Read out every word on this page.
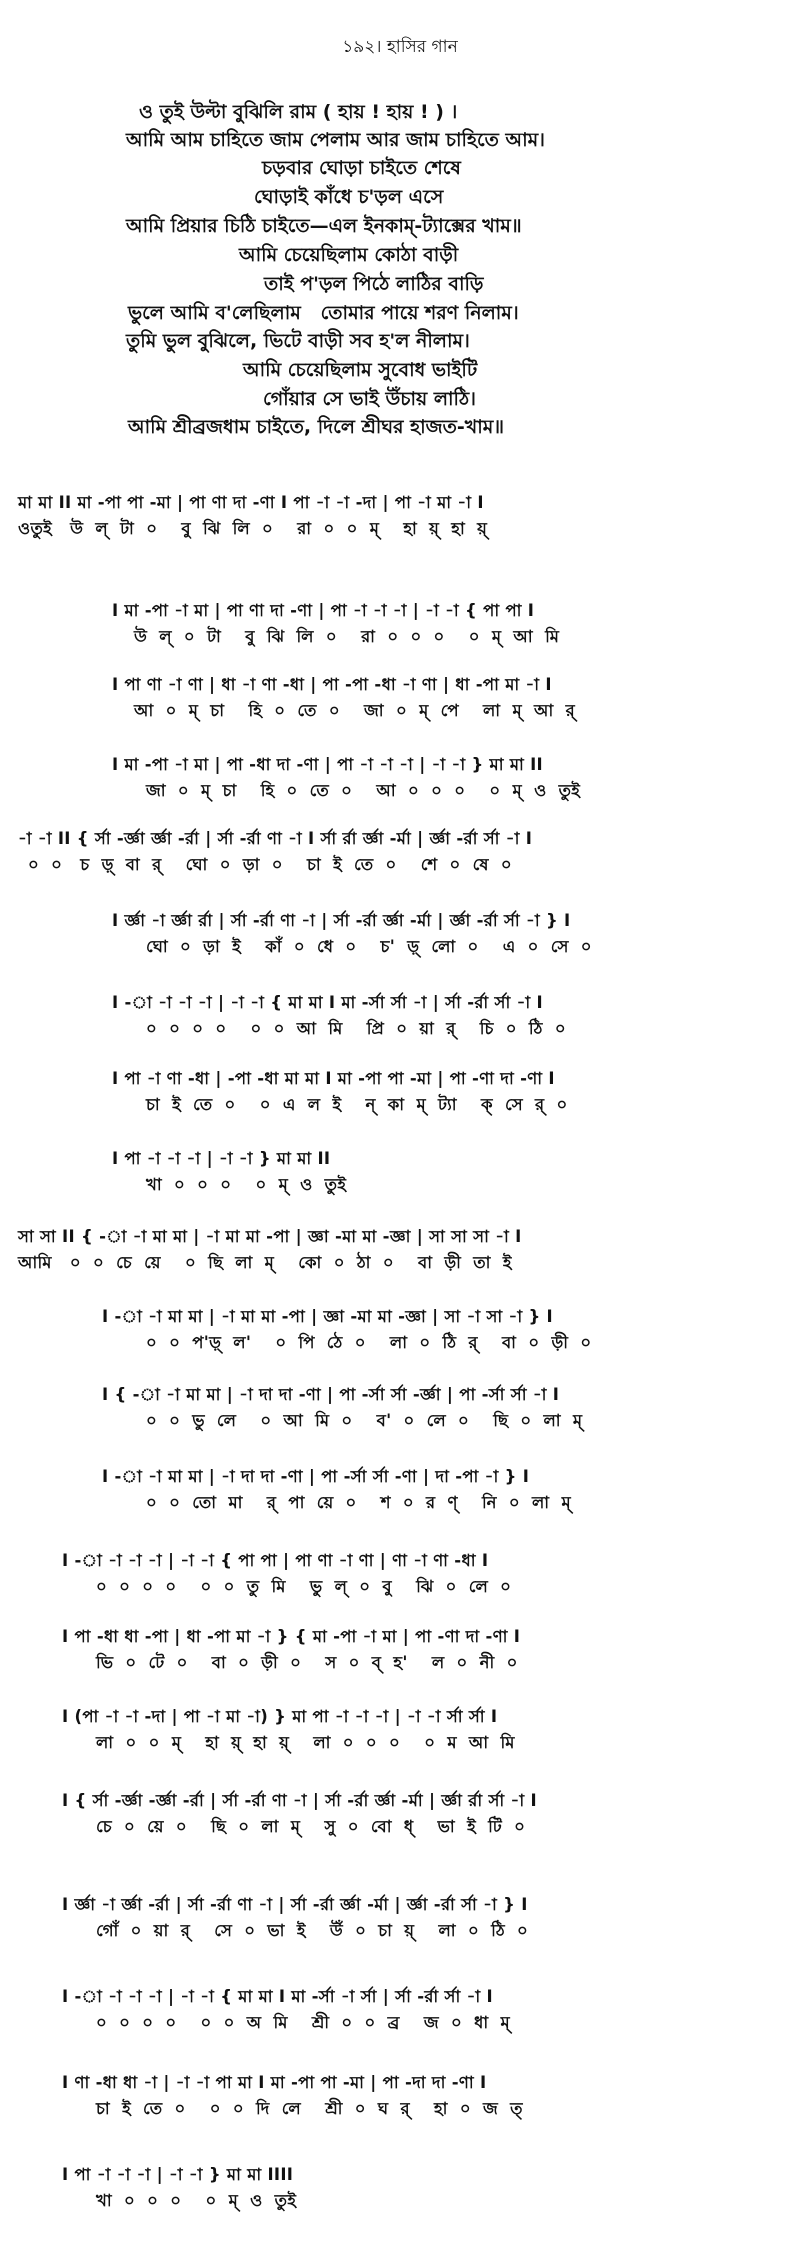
১৯২। হাসির গান
ও তুই উল্টা বুঝিলি রাম ( হায় ! হায় ! ) ।
আমি আম চাহিতে জাম পেলাম আর জাম চাহিতে আম।
চড়বার ঘোড়া চাইতে শেষে
ঘোড়াই কাঁধে চ'ড়ল এসে
আমি প্রিয়ার চিঠি চাইতে—এল ইনকাম্-ট্যাক্সের খাম॥
আমি চেয়েছিলাম কোঠা বাড়ী
তাই প'ড়ল পিঠে লাঠির বাড়ি
ভুলে আমি ব'লেছিলাম   তোমার পায়ে শরণ নিলাম।
তুমি ভুল বুঝিলে, ভিটে বাড়ী সব হ'ল নীলাম।
আমি চেয়েছিলাম সুবোধ ভাইটি
গোঁয়ার সে ভাই উঁচায় লাঠি।
আমি শ্রীব্রজধাম চাইতে, দিলে শ্রীঘর হাজত-খাম॥
মা মা II মা -পা পা -মা | পা ণা দা -ণা I পা -া -া -দা | পা -া মা -া I
ওতুই   উ  ল্  টা  ০    বু  ঝি  লি  ০    রা  ০  ০  ম্    হা  য়্  হা  য়্
I মা -পা -া মা | পা ণা দা -ণা | পা -া -া -া | -া -া { পা পা I
উ  ল্  ০  টা    বু  ঝি  লি  ০    রা  ০  ০  ০    ০  ম্  আ  মি
I পা ণা -া ণা | ধা -া ণা -ধা | পা -পা -ধা -া ণা | ধা -পা মা -া I
আ  ০  ম্  চা    হি  ০  তে  ০    জা  ০  ম্  পে    লা  ম্  আ  র্
I মা -পা -া মা | পা -ধা দা -ণা | পা -া -া -া | -া -া } মা মা II
জা  ০  ম্  চা    হি  ০  তে  ০    আ  ০  ০  ০    ০  ম্  ও  তুই
-া -া II { র্সা -র্জ্ঞা র্জ্ঞা -র্রা | র্সা -র্রা ণা -া I র্সা র্রা র্জ্ঞা -র্মা | র্জ্ঞা -র্রা র্সা -া I
০  ০   চ  ড়্  বা  র্    ঘো  ০  ড়া  ০    চা  ই  তে  ০    শে  ০  ষে  ০
I র্জ্ঞা -া র্জ্ঞা র্রা | র্সা -র্রা ণা -া | র্সা -র্রা র্জ্ঞা -র্মা | র্জ্ঞা -র্রা র্সা -া } I
ঘো  ০  ড়া  ই    কাঁ  ০  ধে  ০    চ'  ড়্  লো  ০    এ  ০  সে  ০
I -া -া -া -া | -া -া { মা মা I মা -র্সা র্সা -া | র্সা -র্রা র্সা -া I
০  ০  ০  ০    ০  ০  আ  মি    প্রি  ০  য়া  র্    চি  ০  ঠি  ০
I পা -া ণা -ধা | -পা -ধা মা মা I মা -পা পা -মা | পা -ণা দা -ণা I
চা  ই  তে  ০    ০  এ  ল  ই    ন্  কা  ম্  ট্যা    ক্  সে  র্  ০
I পা -া -া -া | -া -া } মা মা II
খা  ০  ০  ০    ০  ম্  ও  তুই
সা সা II { -া -া মা মা | -া মা মা -পা | জ্ঞা -মা মা -জ্ঞা | সা সা সা -া I
আমি   ০  ০  চে  য়ে    ০  ছি  লা  ম্    কো  ০  ঠা  ০    বা  ড়ী  তা  ই
I -া -া মা মা | -া মা মা -পা | জ্ঞা -মা মা -জ্ঞা | সা -া সা -া } I
০  ০  প'ড়্  ল'    ০  পি  ঠে  ০    লা  ০  ঠি  র্    বা  ০  ড়ী  ০
I { -া -া মা মা | -া দা দা -ণা | পা -র্সা র্সা -র্জ্ঞা | পা -র্সা র্সা -া I
০  ০  ভু  লে    ০  আ  মি  ০    ব'  ০  লে  ০    ছি  ০  লা  ম্
I -া -া মা মা | -া দা দা -ণা | পা -র্সা র্সা -ণা | দা -পা -া } I
০  ০  তো  মা    র্  পা  য়ে  ০    শ  ০  র  ণ্    নি  ০  লা  ম্
I -া -া -া -া | -া -া { পা পা | পা ণা -া ণা | ণা -া ণা -ধা I
০  ০  ০  ০    ০  ০  তু  মি    ভু  ল্  ০  বু    ঝি  ০  লে  ০
I পা -ধা ধা -পা | ধা -পা মা -া } { মা -পা -া মা | পা -ণা দা -ণা I
ভি  ০  টে  ০    বা  ০  ড়ী  ০    স  ০  ব্  হ'    ল  ০  নী  ০
I (পা -া -া -দা | পা -া মা -া) } মা পা -া -া -া | -া -া র্সা র্সা I
লা  ০  ০  ম্    হা  য়্  হা  য়্    লা  ০  ০  ০    ০  ম  আ  মি
I { র্সা -র্জ্ঞা -র্জ্ঞা -র্রা | র্সা -র্রা ণা -া | র্সা -র্রা র্জ্ঞা -র্মা | র্জ্ঞা র্রা র্সা -া I
চে  ০  য়ে  ০    ছি  ০  লা  ম্    সু  ০  বো  ধ্    ভা  ই  টি  ০
I র্জ্ঞা -া র্জ্ঞা -র্রা | র্সা -র্রা ণা -া | র্সা -র্রা র্জ্ঞা -র্মা | র্জ্ঞা -র্রা র্সা -া } I
গোঁ  ০  য়া  র্    সে  ০  ভা  ই    উঁ  ০  চা  য়্    লা  ০  ঠি  ০
I -া -া -া -া | -া -া { মা মা I মা -র্সা -া র্সা | র্সা -র্রা র্সা -া I
০  ০  ০  ০    ০  ০  অ  মি    শ্রী  ০  ০  ব্র    জ  ০  ধা  ম্
I ণা -ধা ধা -া | -া -া পা মা I মা -পা পা -মা | পা -দা দা -ণা I
চা  ই  তে  ০    ০  ০  দি  লে    শ্রী  ০  ঘ  র্    হা  ০  জ  ত্
I পা -া -া -া | -া -া } মা মা IIII
খা  ০  ০  ০    ০  ম্  ও  তুই
